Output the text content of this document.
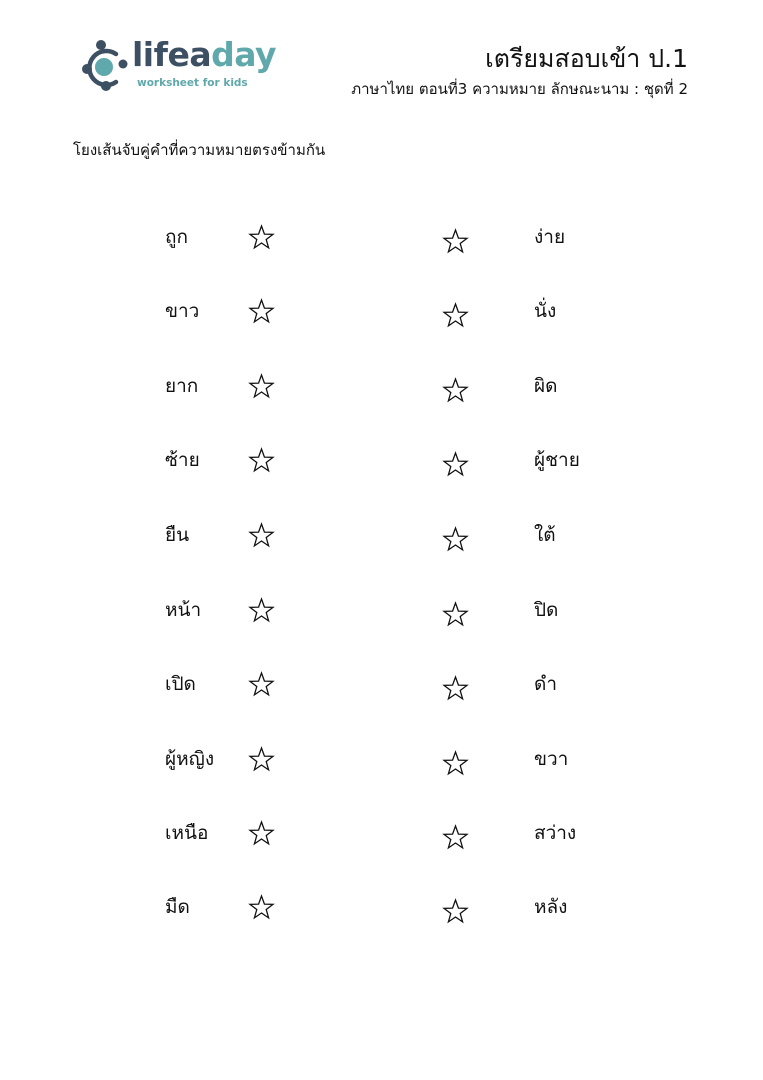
lifeaday
worksheet for kids
เตรียมสอบเข้า ป.1
ภาษาไทย ตอนที่3 ความหมาย ลักษณะนาม : ชุดที่ 2
โยงเส้นจับคู่คำที่ความหมายตรงข้ามกัน
ถูก	ง่าย
ขาว	นั่ง
ยาก	ผิด
ซ้าย	ผู้ชาย
ยืน	ใต้
หน้า	ปิด
เปิด	ดำ
ผู้หญิง	ขวา
เหนือ	สว่าง
มืด	หลัง
